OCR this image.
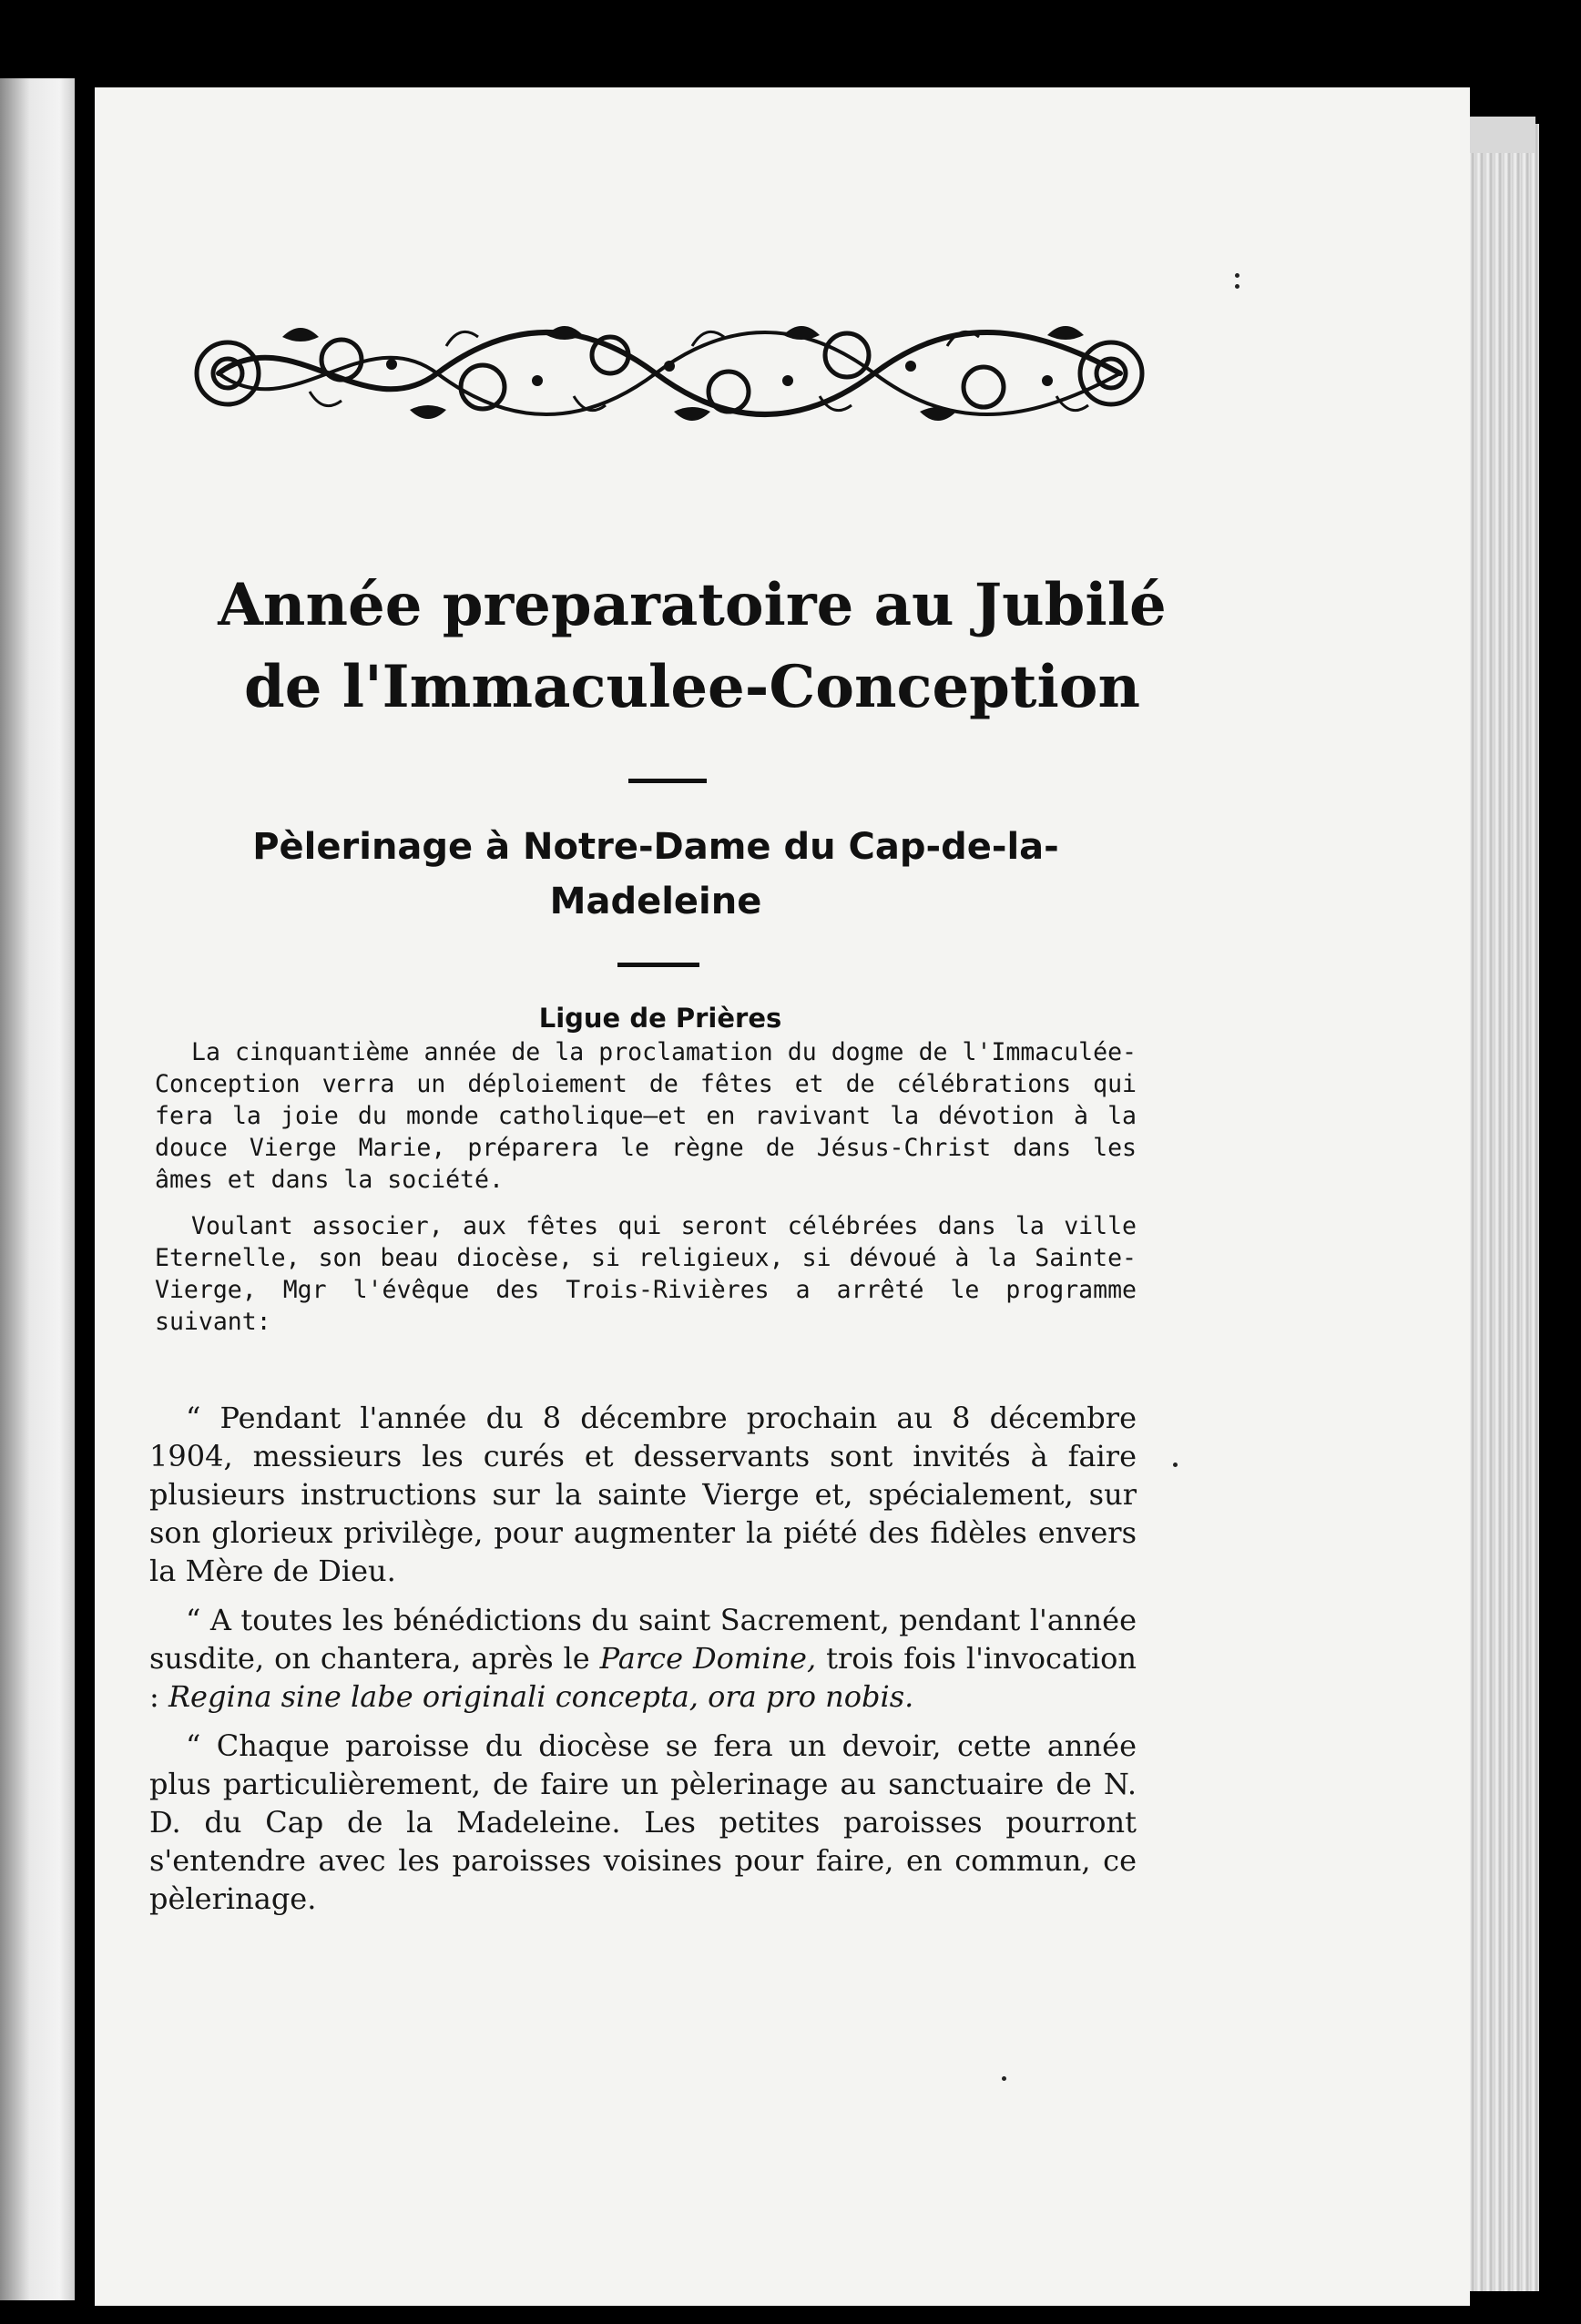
Année preparatoire au Jubilé
de l'Immaculee-Conception
Pèlerinage à Notre-Dame du Cap-de-la-
Madeleine
Ligue de Prières

La cinquantième année de la proclamation du dogme de l'Immaculée-Conception verra un déploiement de fêtes et de célébrations qui fera la joie du monde catholique—et en ravivant la dévotion à la douce Vierge Marie, préparera le règne de Jésus-Christ dans les âmes et dans la société.

Voulant associer, aux fêtes qui seront célébrées dans la ville Eternelle, son beau diocèse, si religieux, si dévoué à la Sainte-Vierge, Mgr l'évêque des Trois-Rivières a arrêté le programme suivant:

“ Pendant l'année du 8 décembre prochain au 8 décembre 1904, messieurs les curés et desservants sont invités à faire plusieurs instructions sur la sainte Vierge et, spécialement, sur son glorieux privilège, pour augmenter la piété des fidèles envers la Mère de Dieu.

“ A toutes les bénédictions du saint Sacrement, pendant l'année susdite, on chantera, après le Parce Domine, trois fois l'invocation : Regina sine labe originali concepta, ora pro nobis.

“ Chaque paroisse du diocèse se fera un devoir, cette année plus particulièrement, de faire un pèlerinage au sanctuaire de N. D. du Cap de la Madeleine. Les petites paroisses pourront s'entendre avec les paroisses voisines pour faire, en commun, ce pèlerinage.
